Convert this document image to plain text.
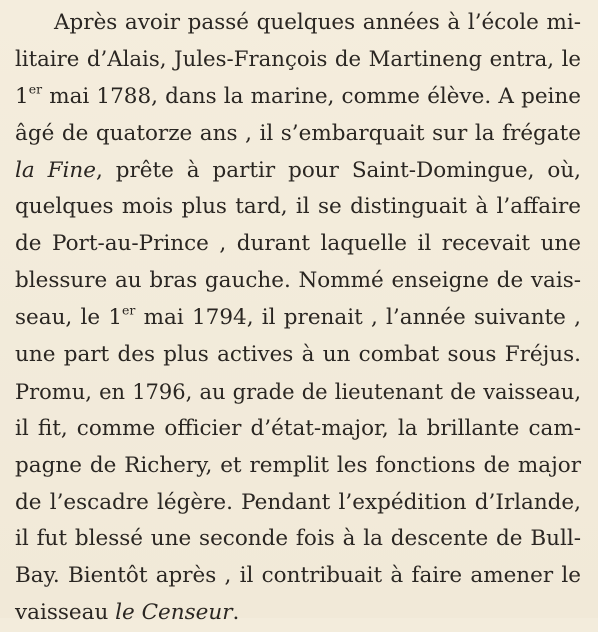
Après avoir passé quelques années à l’école mi-
litaire d’Alais, Jules-François de Martineng entra, le
1er mai 1788, dans la marine, comme élève. A peine
âgé de quatorze ans , il s’embarquait sur la frégate
la Fine, prête à partir pour Saint-Domingue, où,
quelques mois plus tard, il se distinguait à l’affaire
de Port-au-Prince , durant laquelle il recevait une
blessure au bras gauche. Nommé enseigne de vais-
seau, le 1er mai 1794, il prenait , l’année suivante ,
une part des plus actives à un combat sous Fréjus.
Promu, en 1796, au grade de lieutenant de vaisseau,
il fit, comme officier d’état-major, la brillante cam-
pagne de Richery, et remplit les fonctions de major
de l’escadre légère. Pendant l’expédition d’Irlande,
il fut blessé une seconde fois à la descente de Bull-
Bay. Bientôt après , il contribuait à faire amener le
vaisseau le Censeur.
